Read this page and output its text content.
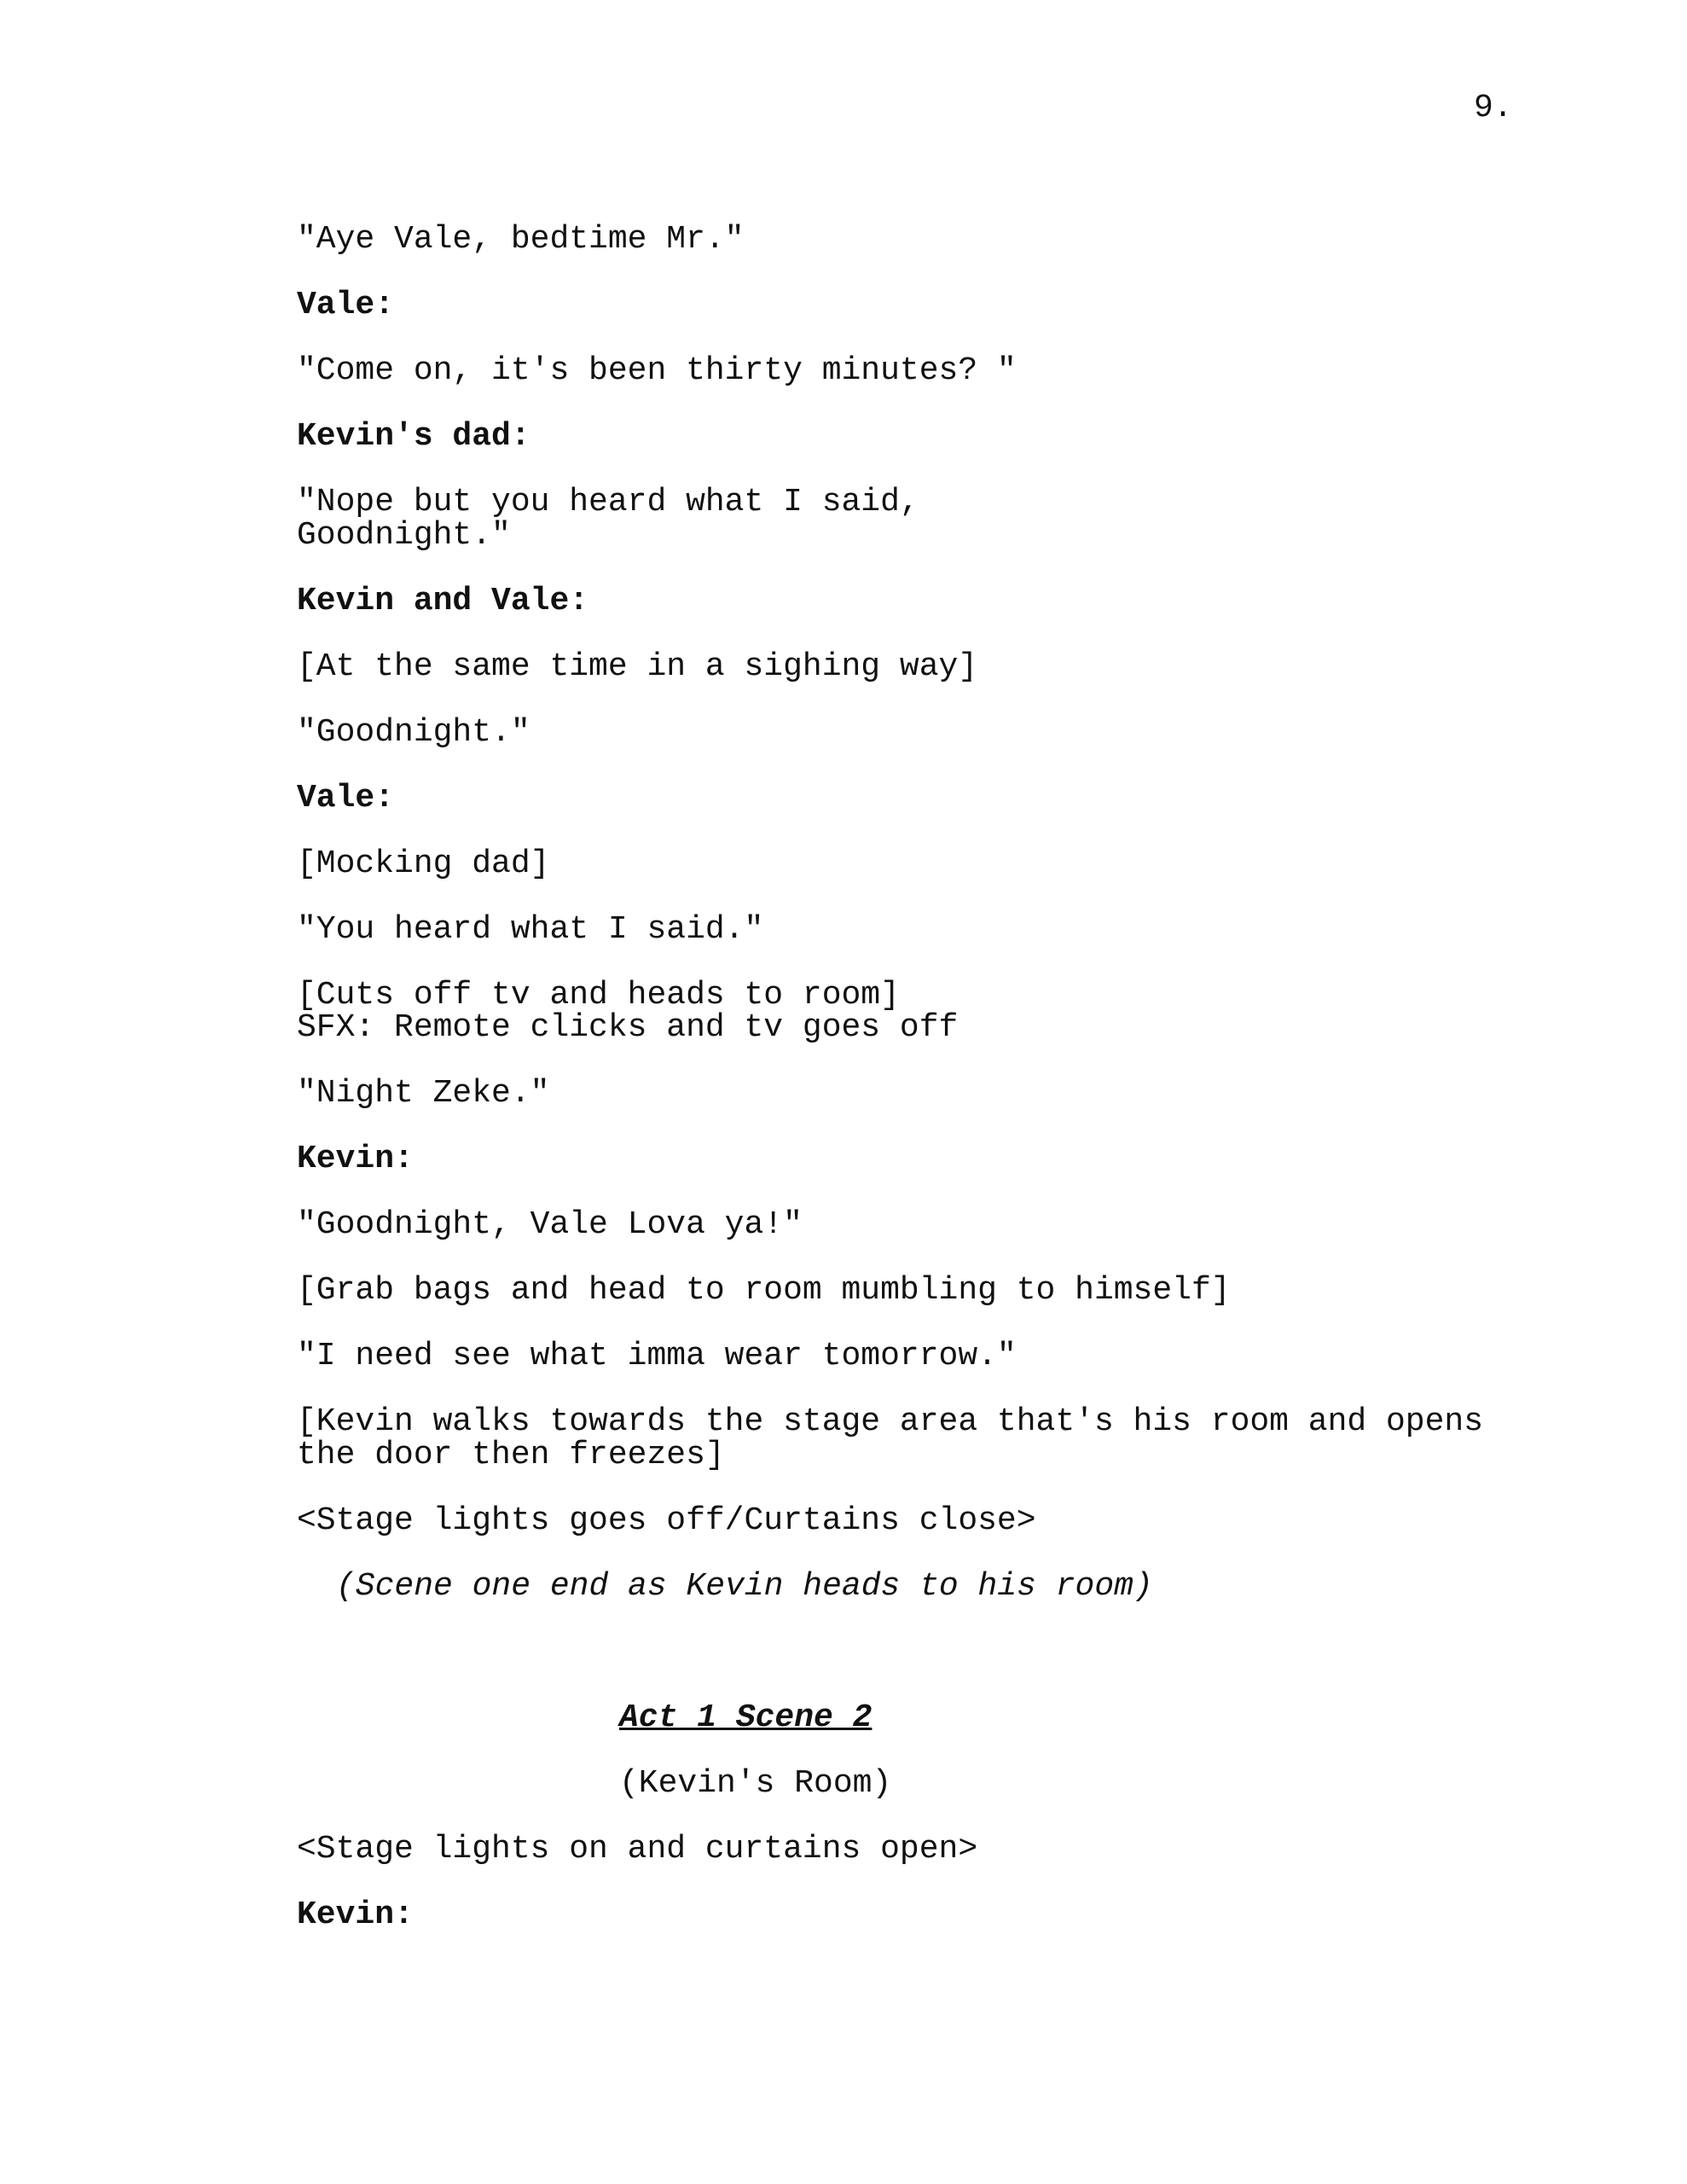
9.
"Aye Vale, bedtime Mr."
Vale:
"Come on, it's been thirty minutes? "
Kevin's dad:
"Nope but you heard what I said,
Goodnight."
Kevin and Vale:
[At the same time in a sighing way]
"Goodnight."
Vale:
[Mocking dad]
"You heard what I said."
[Cuts off tv and heads to room]
SFX: Remote clicks and tv goes off
"Night Zeke."
Kevin:
"Goodnight, Vale Lova ya!"
[Grab bags and head to room mumbling to himself]
"I need see what imma wear tomorrow."
[Kevin walks towards the stage area that's his room and opens
the door then freezes]
<Stage lights goes off/Curtains close>
(Scene one end as Kevin heads to his room)
Act 1 Scene 2
(Kevin's Room)
<Stage lights on and curtains open>
Kevin:
